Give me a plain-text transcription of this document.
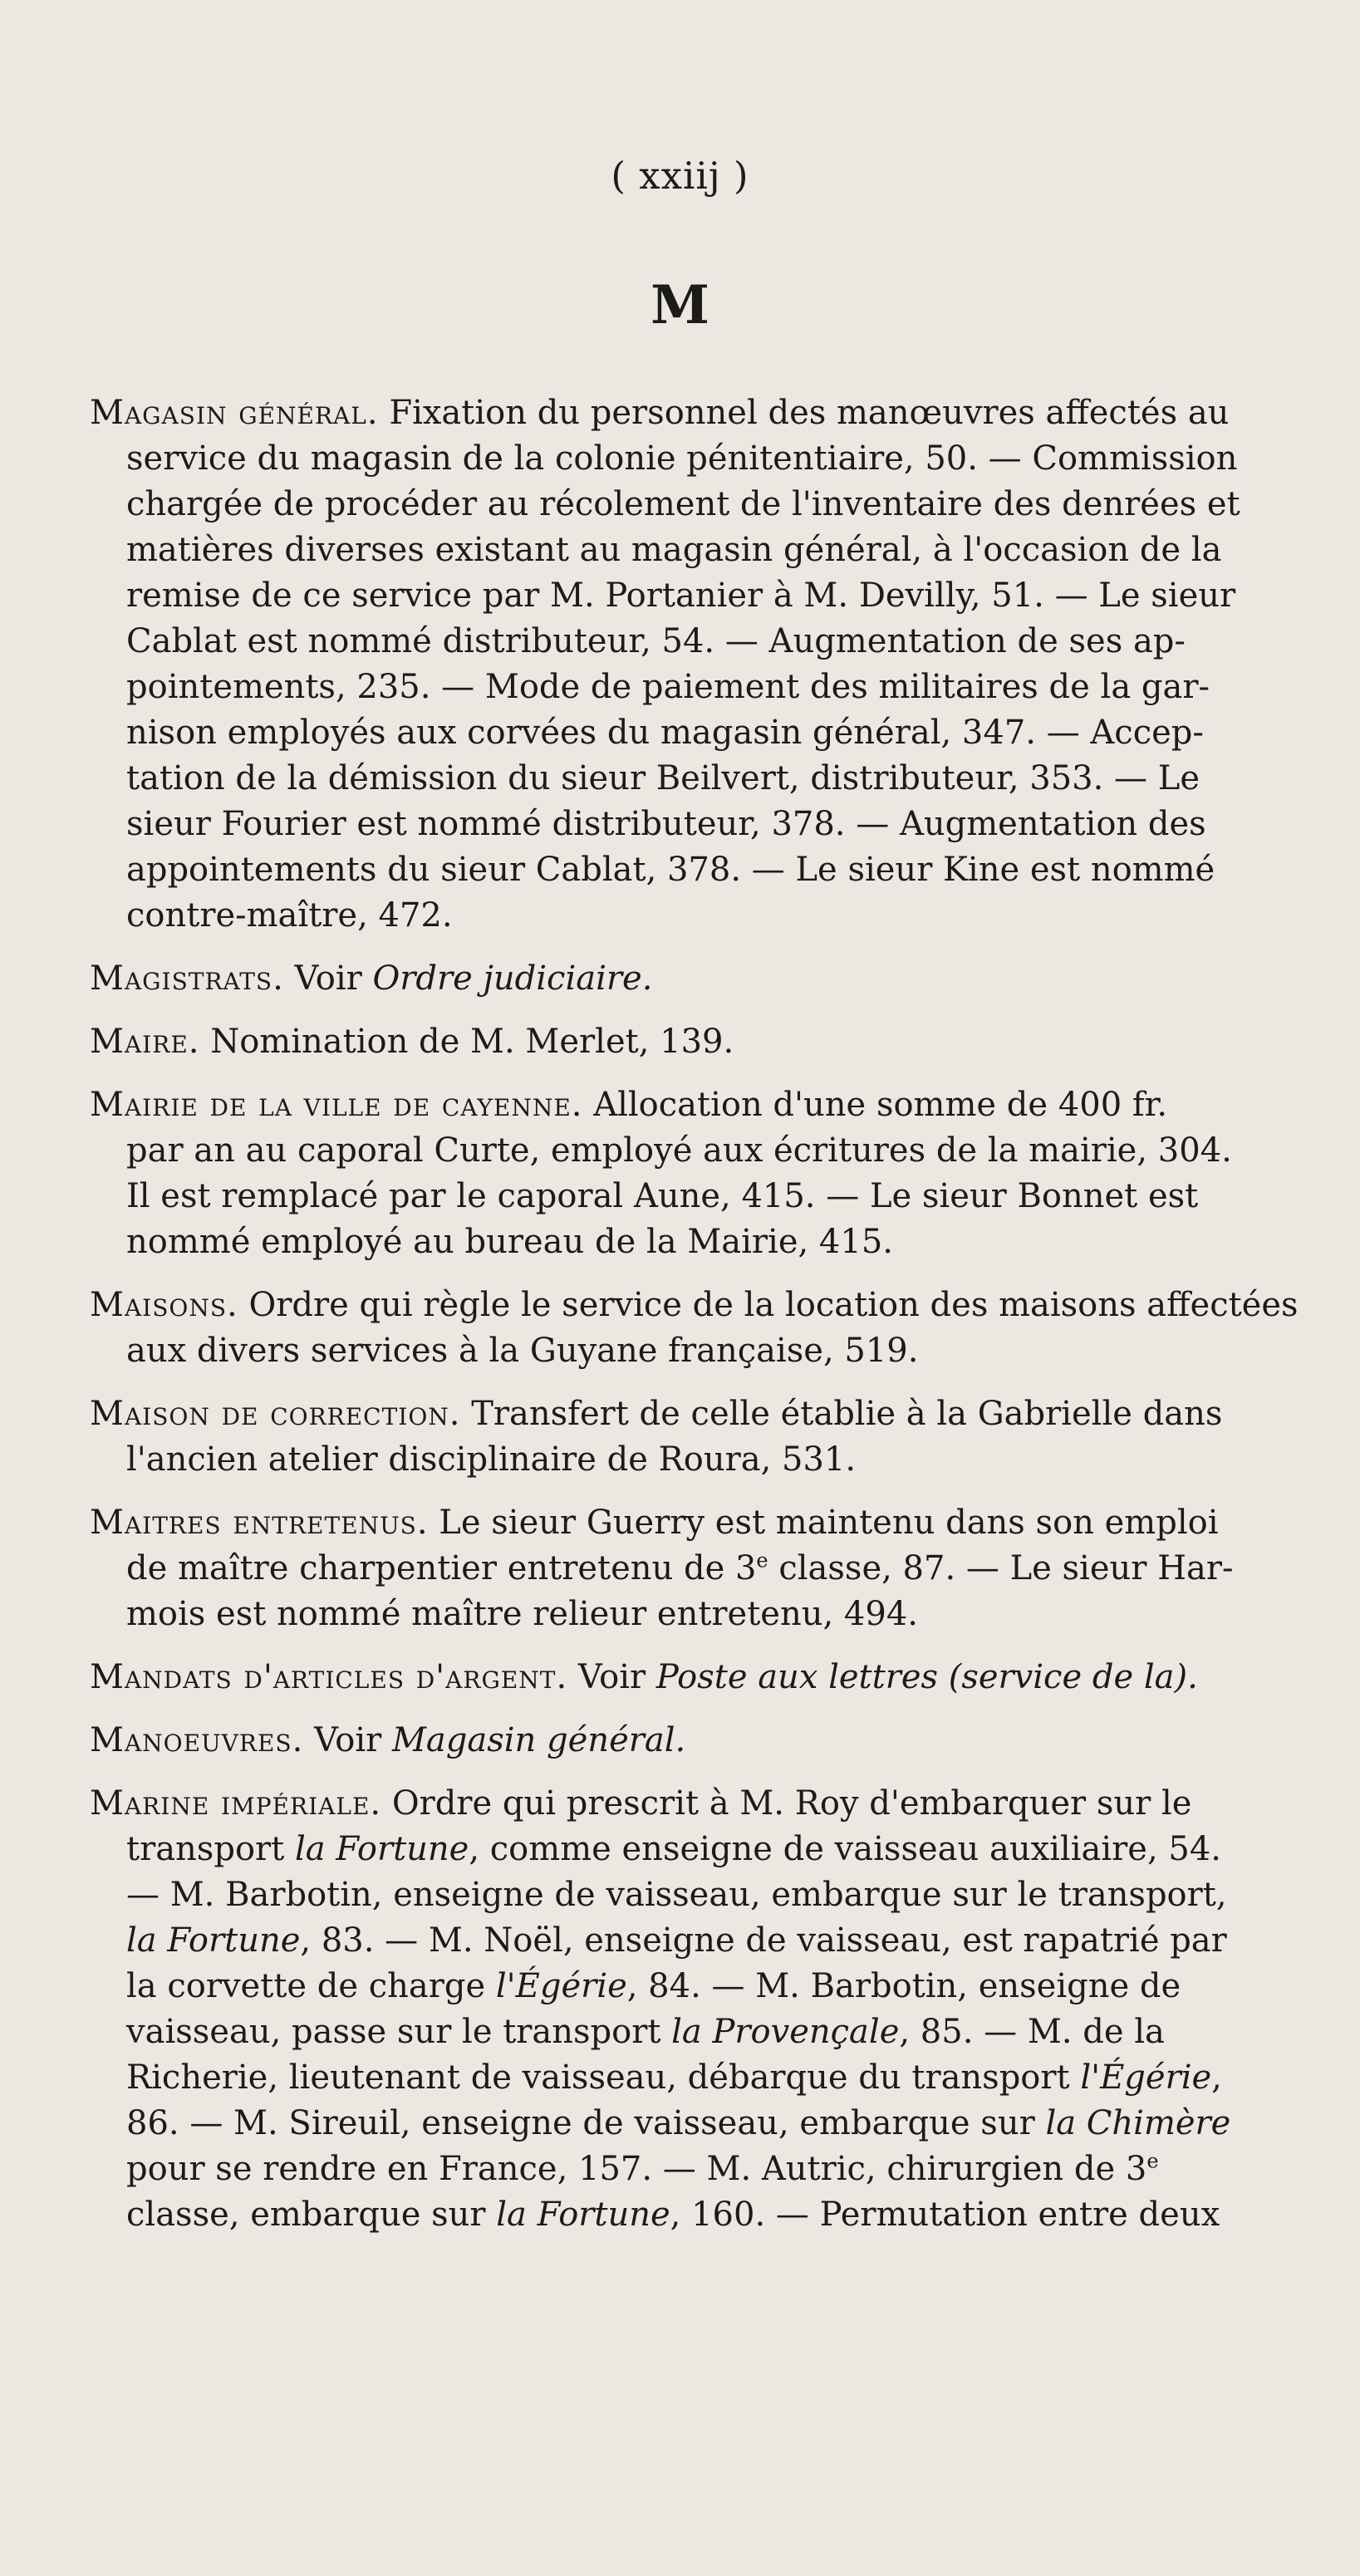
( xxiij )
M
Magasin général. Fixation du personnel des manœuvres affectés au
service du magasin de la colonie pénitentiaire, 50. — Commission
chargée de procéder au récolement de l'inventaire des denrées et
matières diverses existant au magasin général, à l'occasion de la
remise de ce service par M. Portanier à M. Devilly, 51. — Le sieur
Cablat est nommé distributeur, 54. — Augmentation de ses ap-
pointements, 235. — Mode de paiement des militaires de la gar-
nison employés aux corvées du magasin général, 347. — Accep-
tation de la démission du sieur Beilvert, distributeur, 353. — Le
sieur Fourier est nommé distributeur, 378. — Augmentation des
appointements du sieur Cablat, 378. — Le sieur Kine est nommé
contre-maître, 472.
Magistrats. Voir Ordre judiciaire.
Maire. Nomination de M. Merlet, 139.
Mairie de la ville de cayenne. Allocation d'une somme de 400 fr.
par an au caporal Curte, employé aux écritures de la mairie, 304.
Il est remplacé par le caporal Aune, 415. — Le sieur Bonnet est
nommé employé au bureau de la Mairie, 415.
Maisons. Ordre qui règle le service de la location des maisons affectées
aux divers services à la Guyane française, 519.
Maison de correction. Transfert de celle établie à la Gabrielle dans
l'ancien atelier disciplinaire de Roura, 531.
Maitres entretenus. Le sieur Guerry est maintenu dans son emploi
de maître charpentier entretenu de 3e classe, 87. — Le sieur Har-
mois est nommé maître relieur entretenu, 494.
Mandats d'articles d'argent. Voir Poste aux lettres (service de la).
Manoeuvres. Voir Magasin général.
Marine impériale. Ordre qui prescrit à M. Roy d'embarquer sur le
transport la Fortune, comme enseigne de vaisseau auxiliaire, 54.
— M. Barbotin, enseigne de vaisseau, embarque sur le transport,
la Fortune, 83. — M. Noël, enseigne de vaisseau, est rapatrié par
la corvette de charge l'Égérie, 84. — M. Barbotin, enseigne de
vaisseau, passe sur le transport la Provençale, 85. — M. de la
Richerie, lieutenant de vaisseau, débarque du transport l'Égérie,
86. — M. Sireuil, enseigne de vaisseau, embarque sur la Chimère
pour se rendre en France, 157. — M. Autric, chirurgien de 3e
classe, embarque sur la Fortune, 160. — Permutation entre deux
